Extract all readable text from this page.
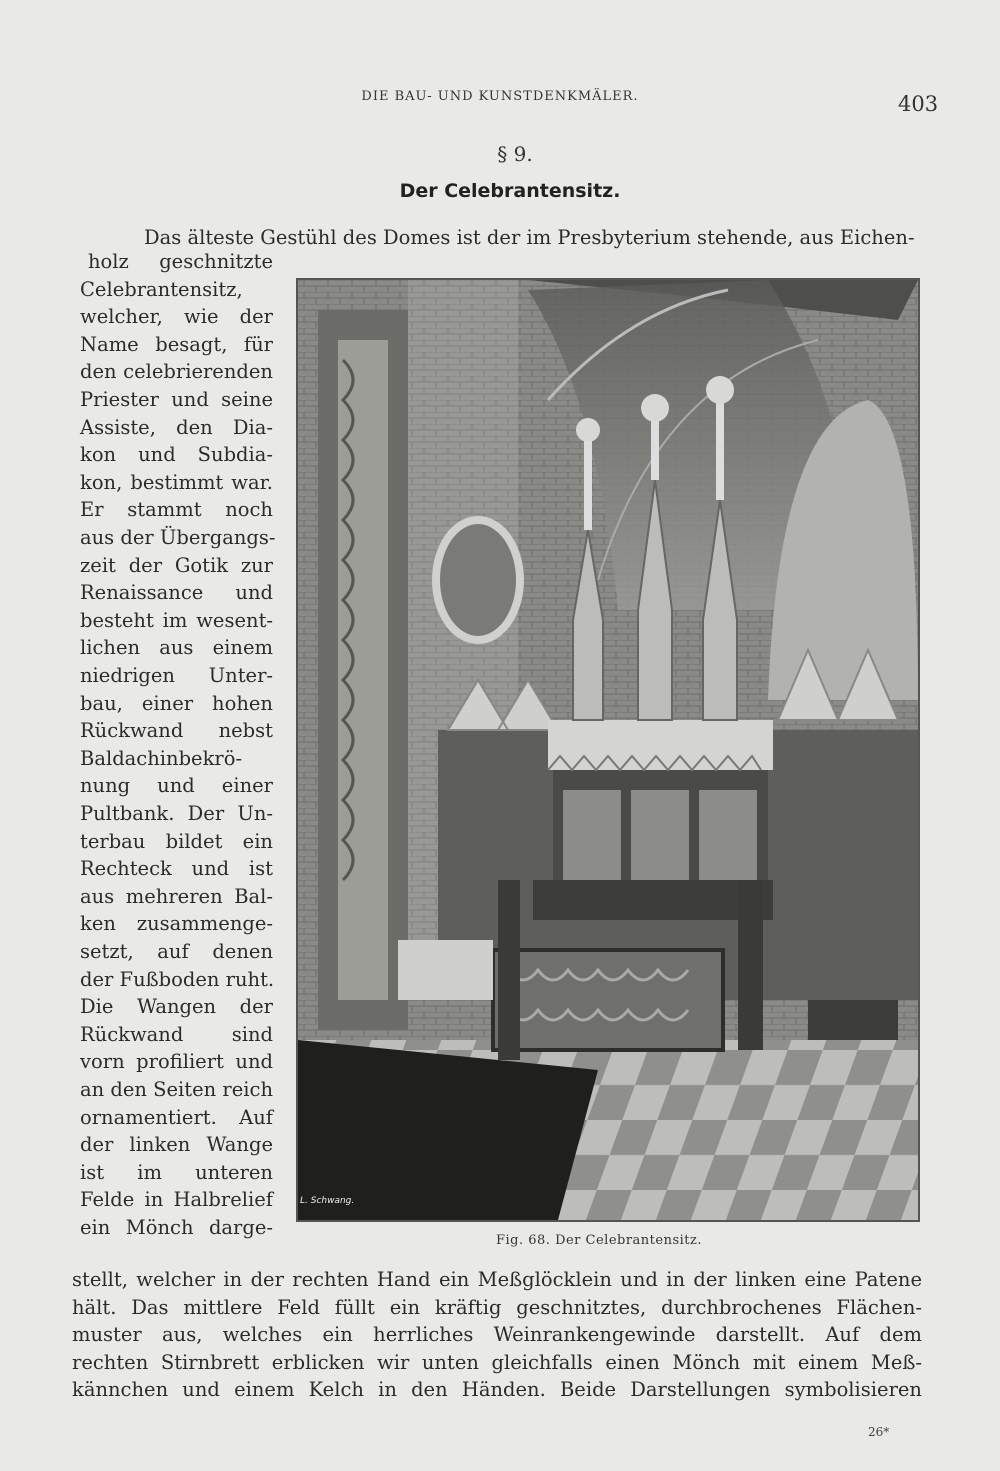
DIE BAU- UND KUNSTDENKMÄLER.	403
§ 9.
Der Celebrantensitz.
Das älteste Gestühl des Domes ist der im Presbyterium stehende, aus Eichen-
holz geschnitzte
Celebrantensitz,
welcher, wie der
Name besagt, für
den celebrierenden
Priester und seine
Assiste, den Dia-
kon und Subdia-
kon, bestimmt war.
Er stammt noch
aus der Übergangs-
zeit der Gotik zur
Renaissance und
besteht im wesent-
lichen aus einem
niedrigen Unter-
bau, einer hohen
Rückwand nebst
Baldachinbekrö-
nung und einer
Pultbank. Der Un-
terbau bildet ein
Rechteck und ist
aus mehreren Bal-
ken zusammenge-
setzt, auf denen
der Fußboden ruht.
Die Wangen der
Rückwand sind
vorn profiliert und
an den Seiten reich
ornamentiert. Auf
der linken Wange
ist im unteren
Felde in Halbrelief
ein Mönch darge-
L. Schwang.
Fig. 68. Der Celebrantensitz.
stellt, welcher in der rechten Hand ein Meßglöcklein und in der linken eine Patene
hält. Das mittlere Feld füllt ein kräftig geschnitztes, durchbrochenes Flächen-
muster aus, welches ein herrliches Weinrankengewinde darstellt. Auf dem
rechten Stirnbrett erblicken wir unten gleichfalls einen Mönch mit einem Meß-
kännchen und einem Kelch in den Händen. Beide Darstellungen symbolisieren
26*
